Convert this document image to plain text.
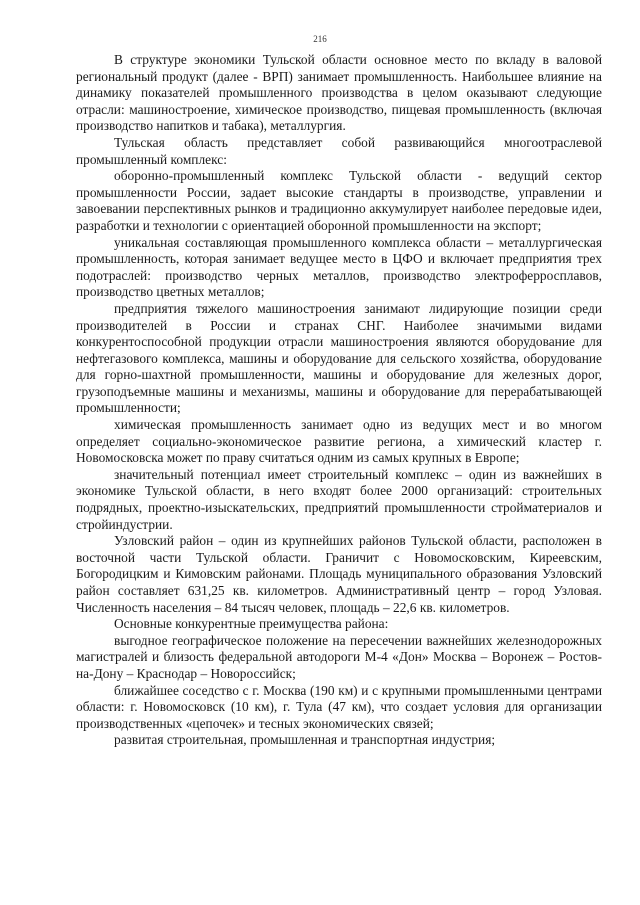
216

В структуре экономики Тульской области основное место по вкладу в валовой региональный продукт (далее - ВРП) занимает промышленность. Наибольшее влияние на динамику показателей промышленного производства в целом оказывают следующие отрасли: машиностроение, химическое производство, пищевая промышленность (включая производство напитков и табака), металлургия.

Тульская область представляет собой развивающийся многоотраслевой промышленный комплекс:

оборонно-промышленный комплекс Тульской области - ведущий сектор промышленности России, задает высокие стандарты в производстве, управлении и завоевании перспективных рынков и традиционно аккумулирует наиболее передовые идеи, разработки и технологии с ориентацией оборонной промышленности на экспорт;

уникальная составляющая промышленного комплекса области – металлургическая промышленность, которая занимает ведущее место в ЦФО и включает предприятия трех подотраслей: производство черных металлов, производство электроферросплавов, производство цветных металлов;

предприятия тяжелого машиностроения занимают лидирующие позиции среди производителей в России и странах СНГ. Наиболее значимыми видами конкурентоспособной продукции отрасли машиностроения являются оборудование для нефтегазового комплекса, машины и оборудование для сельского хозяйства, оборудование для горно-шахтной промышленности, машины и оборудование для железных дорог, грузоподъемные машины и механизмы, машины и оборудование для перерабатывающей промышленности;

химическая промышленность занимает одно из ведущих мест и во многом определяет социально-экономическое развитие региона, а химический кластер г. Новомосковска может по праву считаться одним из самых крупных в Европе;

значительный потенциал имеет строительный комплекс – один из важнейших в экономике Тульской области, в него входят более 2000 организаций: строительных подрядных, проектно-изыскательских, предприятий промышленности стройматериалов и стройиндустрии.

Узловский район – один из крупнейших районов Тульской области, расположен в восточной части Тульской области. Граничит с Новомосковским, Киреевским, Богородицким и Кимовским районами. Площадь муниципального образования Узловский район составляет 631,25 кв. километров. Административный центр – город Узловая. Численность населения – 84 тысяч человек, площадь – 22,6 кв. километров.

Основные конкурентные преимущества района:

выгодное географическое положение на пересечении важнейших железнодорожных магистралей и близость федеральной автодороги М-4 «Дон» Москва – Воронеж – Ростов-на-Дону – Краснодар – Новороссийск;

ближайшее соседство с г. Москва (190 км) и с крупными промышленными центрами области: г. Новомосковск (10 км), г. Тула (47 км), что создает условия для организации производственных «цепочек» и тесных экономических связей;

развитая строительная, промышленная и транспортная индустрия;
